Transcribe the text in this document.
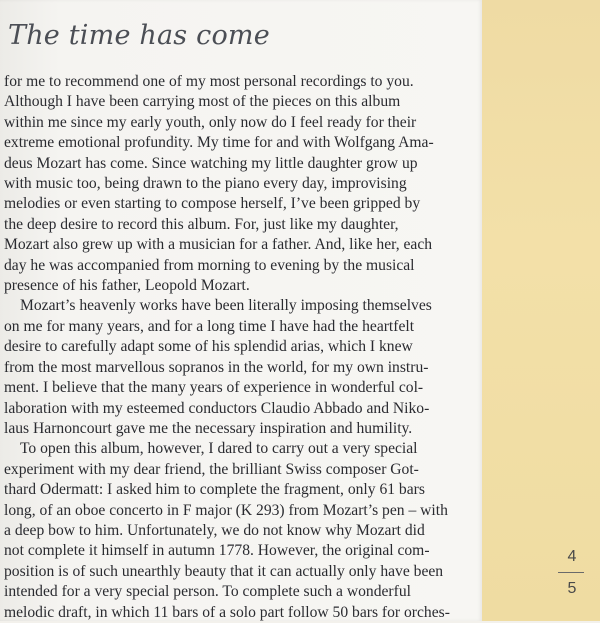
The time has come
for me to recommend one of my most personal recordings to you.
Although I have been carrying most of the pieces on this album
within me since my early youth, only now do I feel ready for their
extreme emotional profundity. My time for and with Wolfgang Ama-
deus Mozart has come. Since watching my little daughter grow up
with music too, being drawn to the piano every day, improvising
melodies or even starting to compose herself, I’ve been gripped by
the deep desire to record this album. For, just like my daughter,
Mozart also grew up with a musician for a father. And, like her, each
day he was accompanied from morning to evening by the musical
presence of his father, Leopold Mozart.
Mozart’s heavenly works have been literally imposing themselves
on me for many years, and for a long time I have had the heartfelt
desire to carefully adapt some of his splendid arias, which I knew
from the most marvellous sopranos in the world, for my own instru-
ment. I believe that the many years of experience in wonderful col-
laboration with my esteemed conductors Claudio Abbado and Niko-
laus Harnoncourt gave me the necessary inspiration and humility.
To open this album, however, I dared to carry out a very special
experiment with my dear friend, the brilliant Swiss composer Got-
thard Odermatt: I asked him to complete the fragment, only 61 bars
long, of an oboe concerto in F major (K 293) from Mozart’s pen – with
a deep bow to him. Unfortunately, we do not know why Mozart did
not complete it himself in autumn 1778. However, the original com-
position is of such unearthly beauty that it can actually only have been
intended for a very special person. To complete such a wonderful
melodic draft, in which 11 bars of a solo part follow 50 bars for orches-
4
5
